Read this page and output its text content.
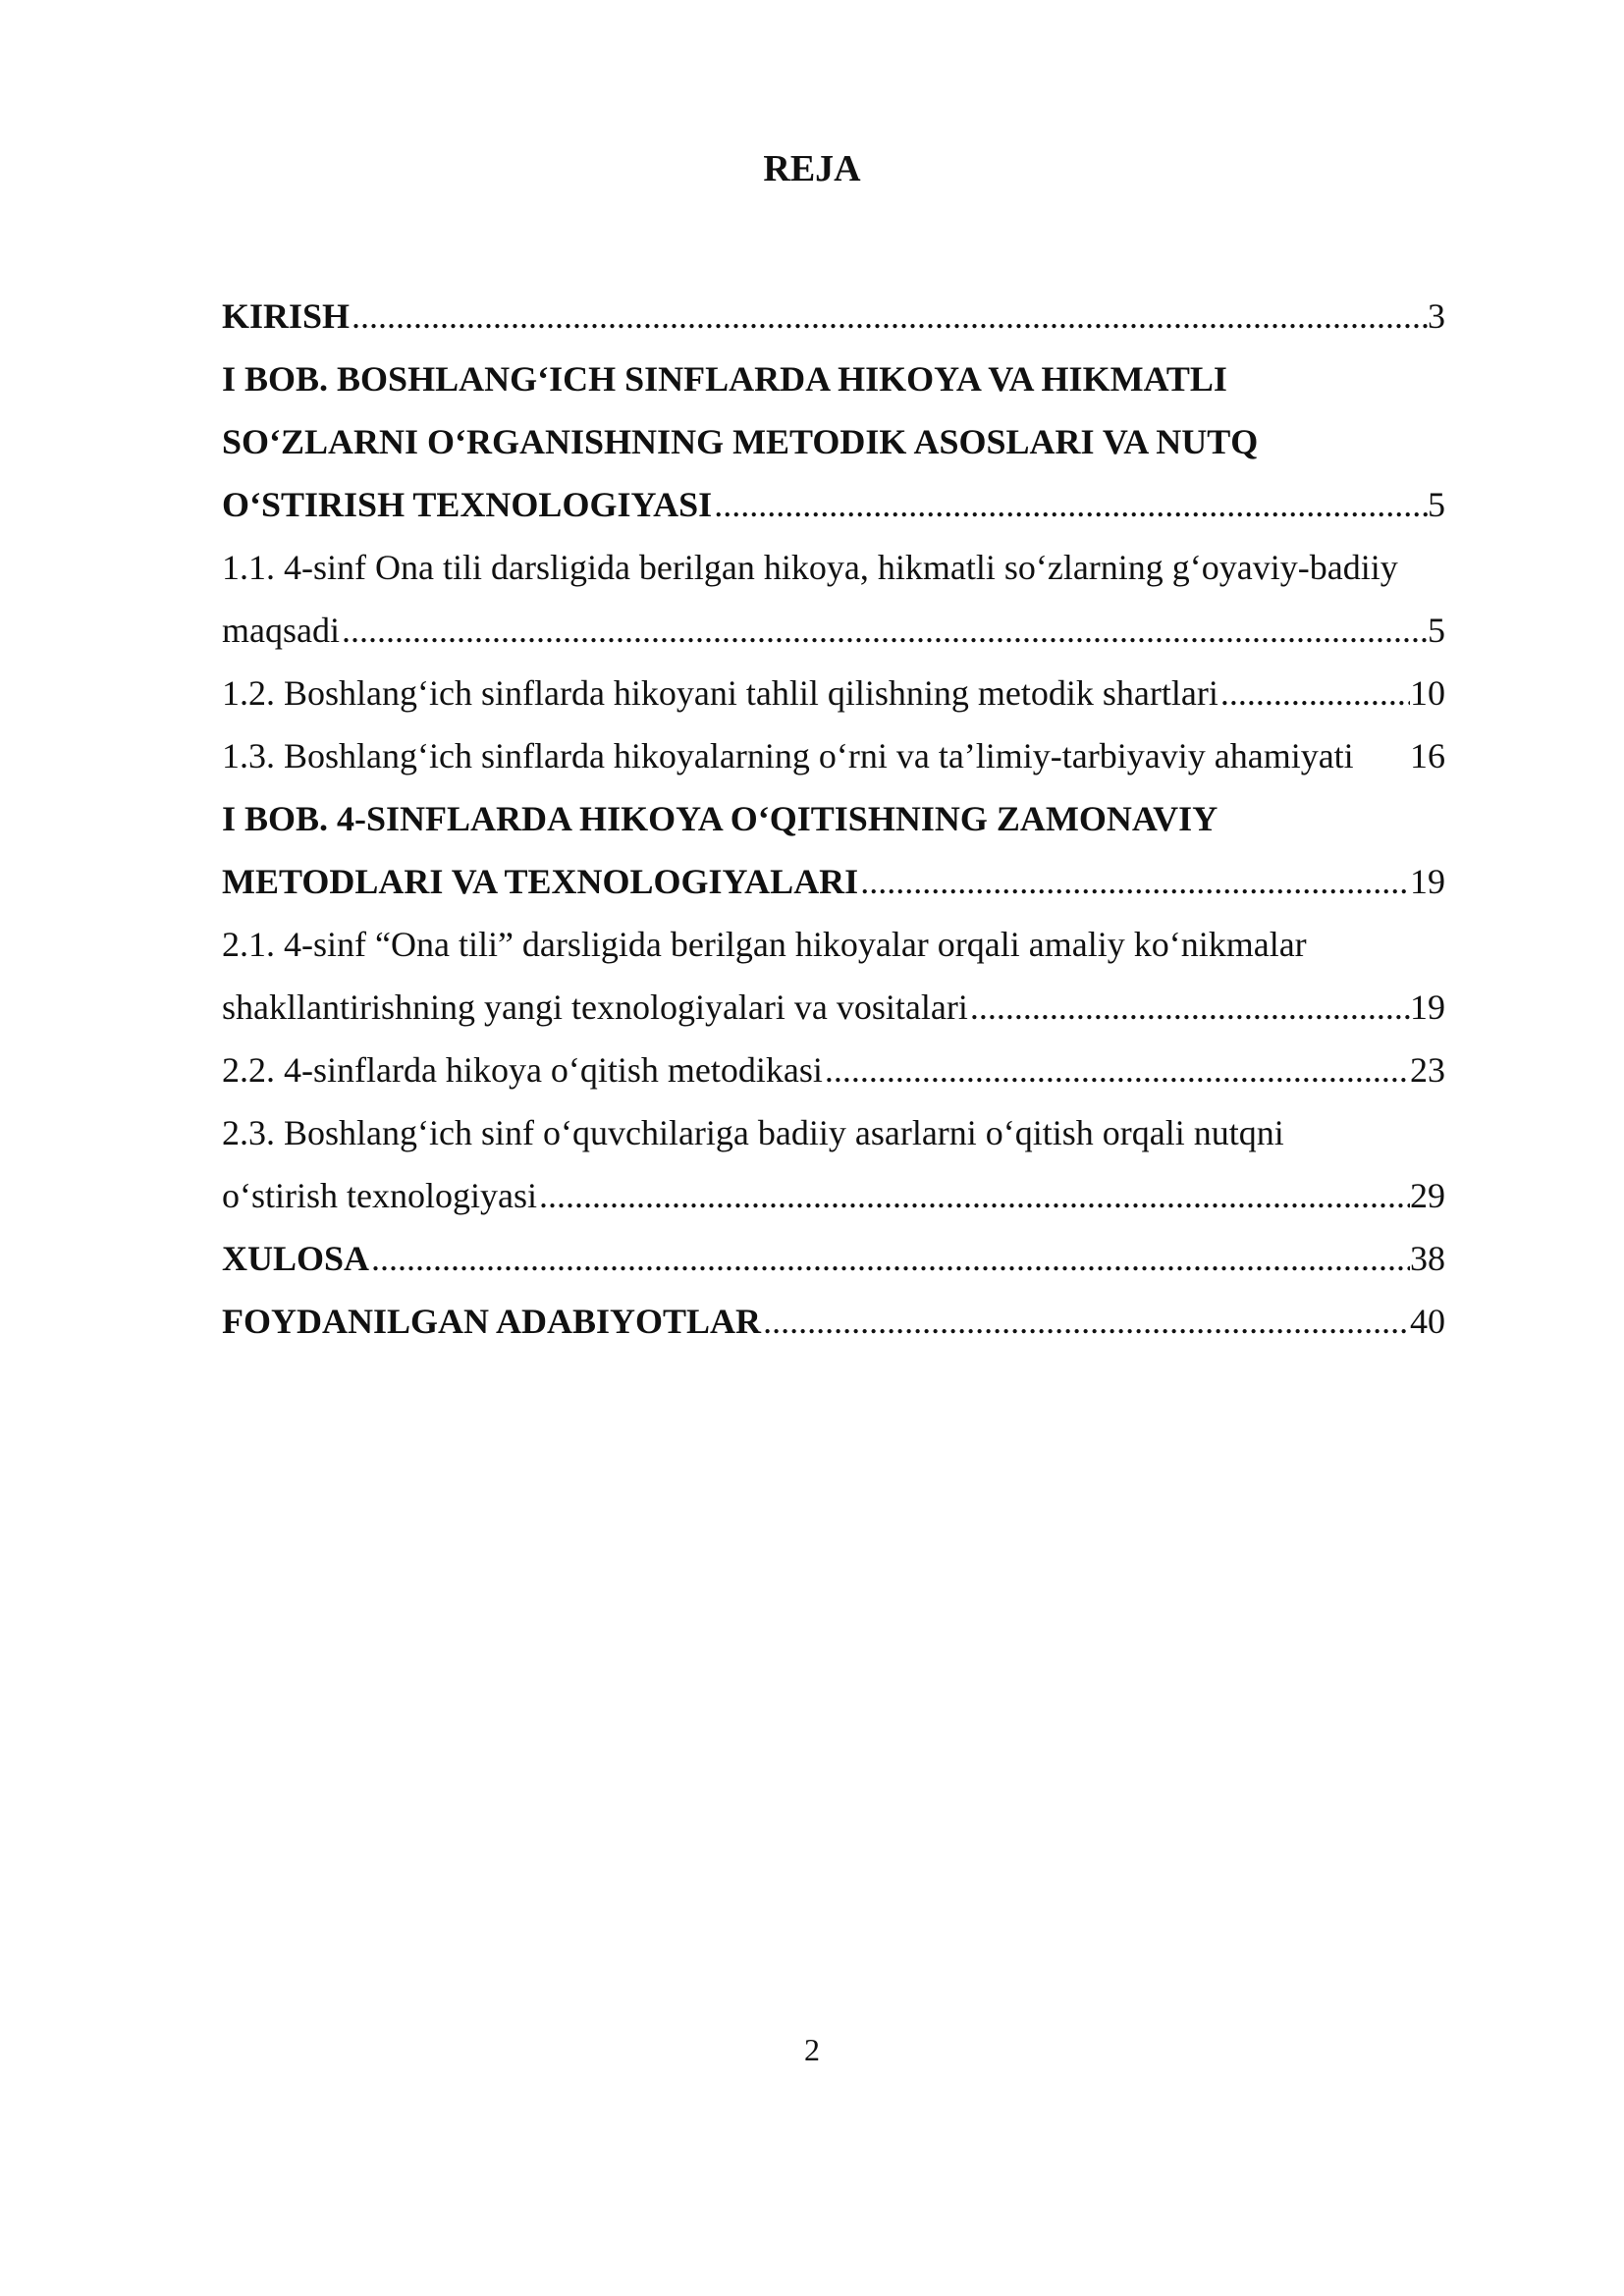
REJA
KIRISH .....	3
I BOB. BOSHLANG‘ICH SINFLARDA HIKOYA VA HIKMATLI
SO‘ZLARNI O‘RGANISHNING METODIK ASOSLARI VA NUTQ
O‘STIRISH TEXNOLOGIYASI .....	5
1.1. 4-sinf Ona tili darsligida berilgan hikoya, hikmatli so‘zlarning g‘oyaviy-badiiy
maqsadi .....	5
1.2. Boshlang‘ich sinflarda hikoyani tahlil qilishning metodik shartlari .....	10
1.3. Boshlang‘ich sinflarda hikoyalarning o‘rni va ta’limiy-tarbiyaviy ahamiyati 16
I BOB. 4-SINFLARDA HIKOYA O‘QITISHNING ZAMONAVIY
METODLARI VA TEXNOLOGIYALARI .....	19
2.1. 4-sinf “Ona tili” darsligida berilgan hikoyalar orqali amaliy ko‘nikmalar
shakllantirishning yangi texnologiyalari va vositalari .....	19
2.2. 4-sinflarda hikoya o‘qitish metodikasi .....	23
2.3. Boshlang‘ich sinf o‘quvchilariga badiiy asarlarni o‘qitish orqali nutqni
o‘stirish texnologiyasi .....	29
XULOSA .....	38
FOYDANILGAN ADABIYOTLAR .....	40
2
